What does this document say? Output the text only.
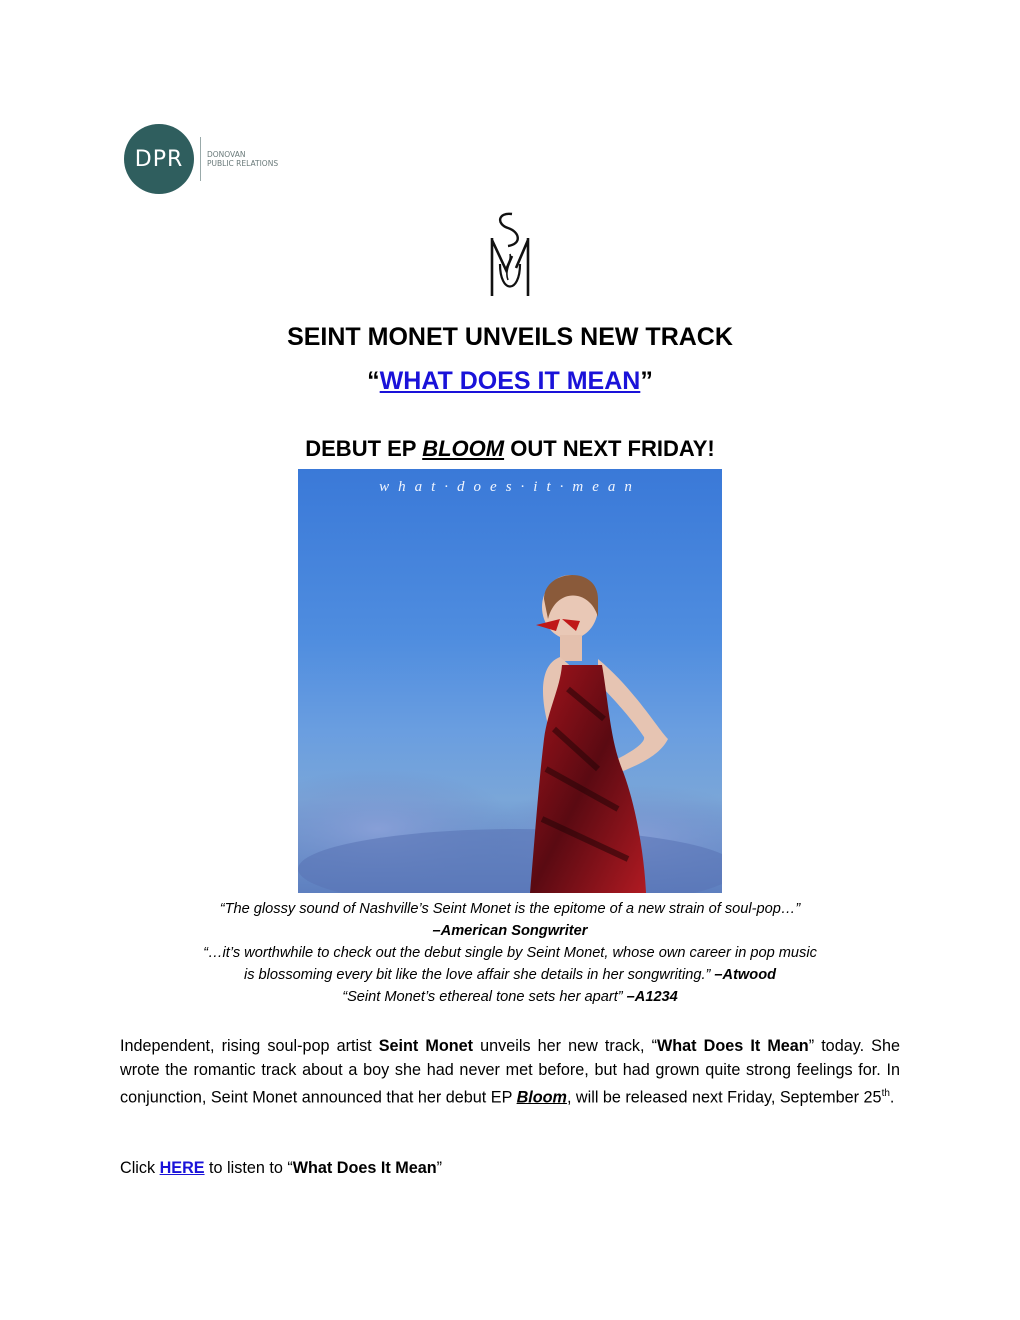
DPR	DONOVAN
PUBLIC RELATIONS
SEINT MONET UNVEILS NEW TRACK
“WHAT DOES IT MEAN”
DEBUT EP BLOOM OUT NEXT FRIDAY!
what·does·it·mean
“The glossy sound of Nashville’s Seint Monet is the epitome of a new strain of soul-pop…”
–American Songwriter
“…it’s worthwhile to check out the debut single by Seint Monet, whose own career in pop music
is blossoming every bit like the love affair she details in her songwriting.” –Atwood
“Seint Monet’s ethereal tone sets her apart” –A1234
Independent, rising soul-pop artist Seint Monet unveils her new track, “What Does It Mean” today. She wrote the romantic track about a boy she had never met before, but had grown quite strong feelings for. In conjunction, Seint Monet announced that her debut EP Bloom, will be released next Friday, September 25th.
Click HERE to listen to “What Does It Mean”
